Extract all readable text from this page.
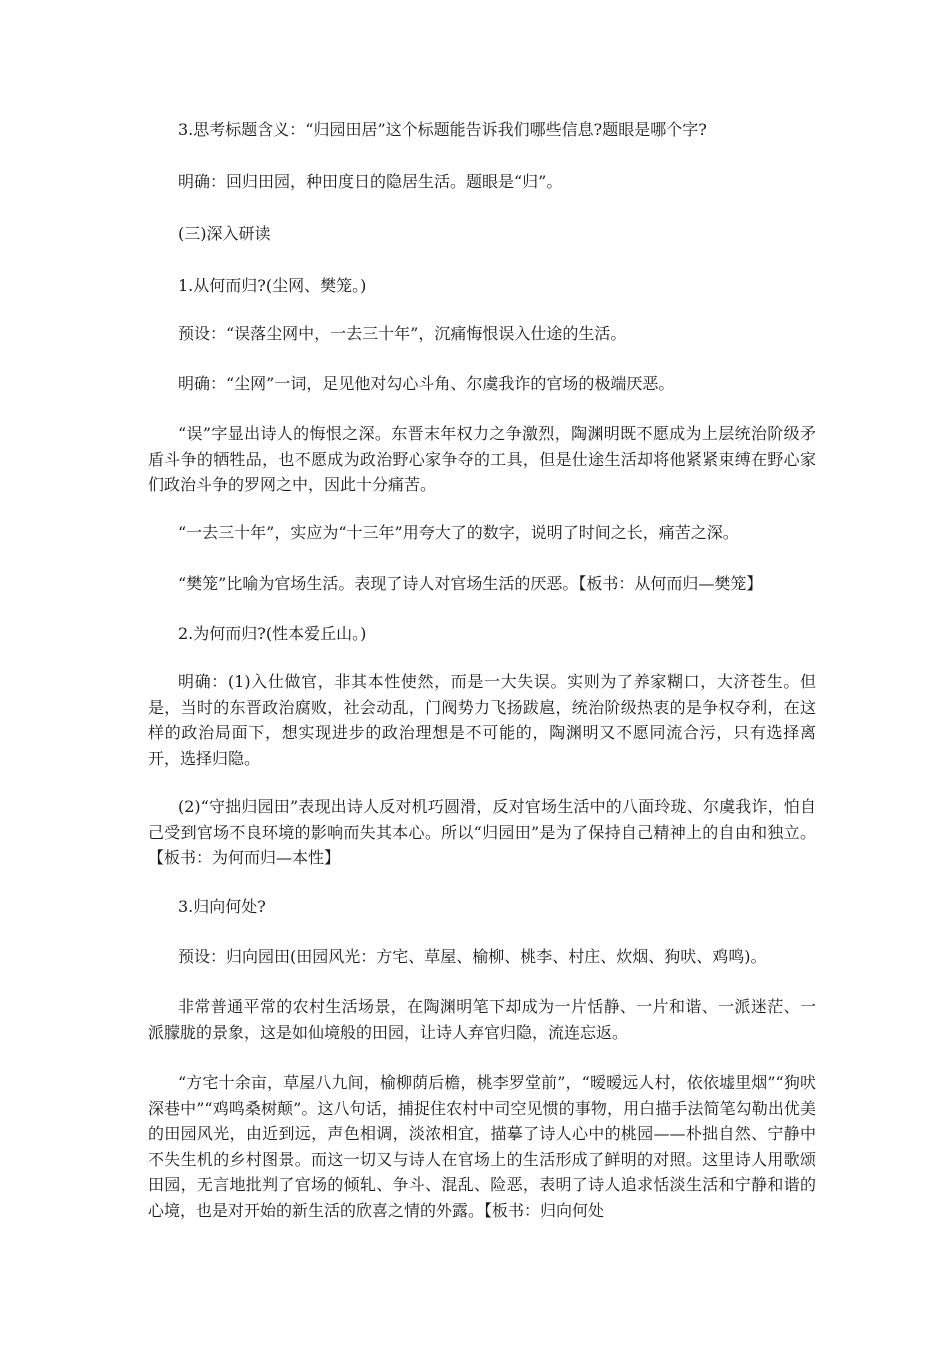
3.思考标题含义：“归园田居”这个标题能告诉我们哪些信息?题眼是哪个字?

明确：回归田园，种田度日的隐居生活。题眼是“归”。

(三)深入研读

1.从何而归?(尘网、樊笼。)

预设：“误落尘网中，一去三十年”，沉痛悔恨误入仕途的生活。

明确：“尘网”一词，足见他对勾心斗角、尔虞我诈的官场的极端厌恶。

“误”字显出诗人的悔恨之深。东晋末年权力之争激烈，陶渊明既不愿成为上层统治阶级矛盾斗争的牺牲品，也不愿成为政治野心家争夺的工具，但是仕途生活却将他紧紧束缚在野心家们政治斗争的罗网之中，因此十分痛苦。

“一去三十年”，实应为“十三年”用夸大了的数字，说明了时间之长，痛苦之深。

“樊笼”比喻为官场生活。表现了诗人对官场生活的厌恶。【板书：从何而归—樊笼】

2.为何而归?(性本爱丘山。)

明确：(1)入仕做官，非其本性使然，而是一大失误。实则为了养家糊口，大济苍生。但是，当时的东晋政治腐败，社会动乱，门阀势力飞扬跋扈，统治阶级热衷的是争权夺利，在这样的政治局面下，想实现进步的政治理想是不可能的，陶渊明又不愿同流合污，只有选择离开，选择归隐。

(2)“守拙归园田”表现出诗人反对机巧圆滑，反对官场生活中的八面玲珑、尔虞我诈，怕自己受到官场不良环境的影响而失其本心。所以“归园田”是为了保持自己精神上的自由和独立。【板书：为何而归—本性】

3.归向何处?

预设：归向园田(田园风光：方宅、草屋、榆柳、桃李、村庄、炊烟、狗吠、鸡鸣)。

非常普通平常的农村生活场景，在陶渊明笔下却成为一片恬静、一片和谐、一派迷茫、一派朦胧的景象，这是如仙境般的田园，让诗人弃官归隐，流连忘返。

“方宅十余亩，草屋八九间，榆柳荫后檐，桃李罗堂前”，“暧暧远人村，依依墟里烟”“狗吠深巷中”“鸡鸣桑树颠”。这八句话，捕捉住农村中司空见惯的事物，用白描手法简笔勾勒出优美的田园风光，由近到远，声色相调，淡浓相宜，描摹了诗人心中的桃园——朴拙自然、宁静中不失生机的乡村图景。而这一切又与诗人在官场上的生活形成了鲜明的对照。这里诗人用歌颂田园，无言地批判了官场的倾轧、争斗、混乱、险恶，表明了诗人追求恬淡生活和宁静和谐的心境，也是对开始的新生活的欣喜之情的外露。【板书：归向何处
